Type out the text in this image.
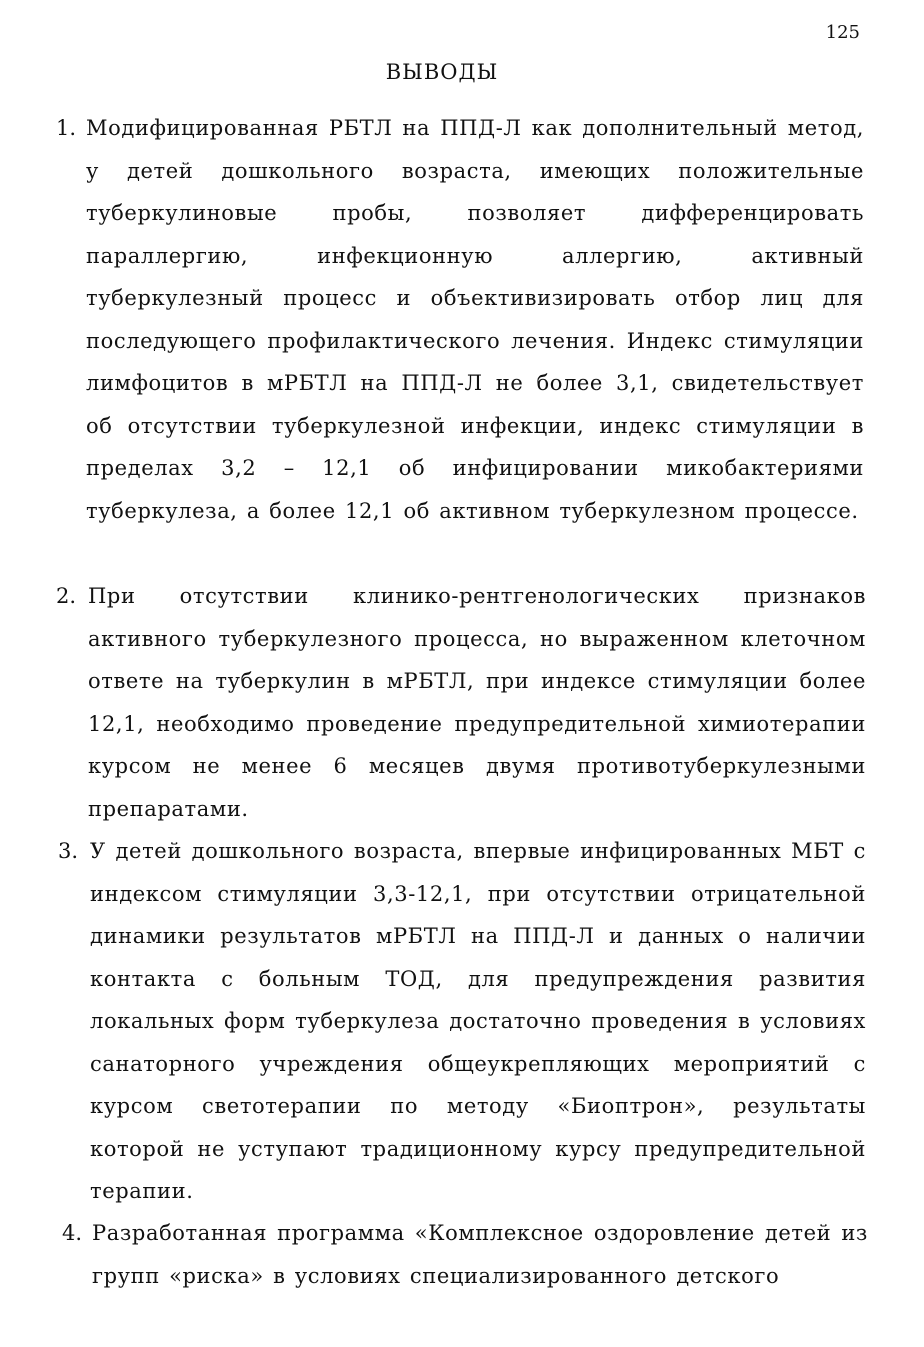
125
ВЫВОДЫ
1. Модифицированная РБТЛ на ППД-Л как дополнительный метод, у детей дошкольного возраста, имеющих положительные туберкулиновые пробы, позволяет дифференцировать параллергию, инфекционную аллергию, активный туберкулезный процесс и объективизировать отбор лиц для последующего профилактического лечения. Индекс стимуляции лимфоцитов в мРБТЛ на ППД-Л не более 3,1, свидетельствует об отсутствии туберкулезной инфекции, индекс стимуляции в пределах 3,2 – 12,1 об инфицировании микобактериями туберкулеза, а более 12,1 об активном туберкулезном процессе.

2. При отсутствии клинико-рентгенологических признаков активного туберкулезного процесса, но выраженном клеточном ответе на туберкулин в мРБТЛ, при индексе стимуляции более 12,1, необходимо проведение предупредительной химиотерапии курсом не менее 6 месяцев двумя противотуберкулезными препаратами.

3. У детей дошкольного возраста, впервые инфицированных МБТ с индексом стимуляции 3,3-12,1, при отсутствии отрицательной динамики результатов мРБТЛ на ППД-Л и данных о наличии контакта с больным ТОД, для предупреждения развития локальных форм туберкулеза достаточно проведения в условиях санаторного учреждения общеукрепляющих мероприятий с курсом светотерапии по методу «Биоптрон», результаты которой не уступают традиционному курсу предупредительной терапии.

4. Разработанная программа «Комплексное оздоровление детей из групп «риска» в условиях специализированного детского
